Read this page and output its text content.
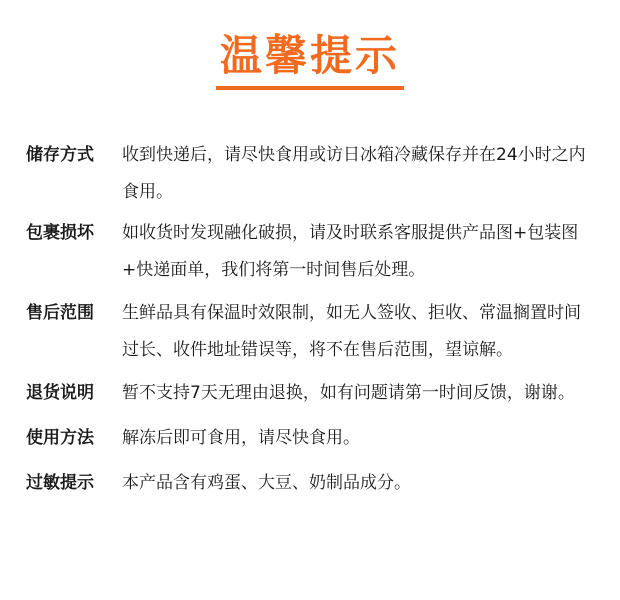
温馨提示
储存方式	收到快递后，请尽快食用或访日冰箱冷藏保存并在24小时之内食用。
包裹损坏	如收货时发现融化破损，请及时联系客服提供产品图+包装图+快递面单，我们将第一时间售后处理。
售后范围	生鲜品具有保温时效限制，如无人签收、拒收、常温搁置时间过长、收件地址错误等，将不在售后范围，望谅解。
退货说明	暂不支持7天无理由退换，如有问题请第一时间反馈，谢谢。
使用方法	解冻后即可食用，请尽快食用。
过敏提示	本产品含有鸡蛋、大豆、奶制品成分。
